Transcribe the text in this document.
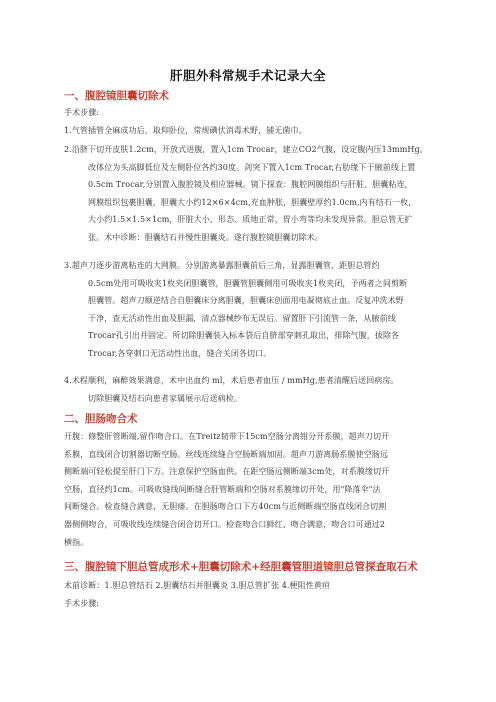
肝胆外科常规手术记录大全
一、腹腔镜胆囊切除术
手术步骤:
1.气管插管全麻成功后，取仰卧位，常规碘伏消毒术野，铺无菌巾。
2.沿脐下切开皮肤1.2cm，开放式进腹，置入1cm Trocar，建立CO2气腹，设定腹内压13mmHg。
改体位为头高脚低位及左侧卧位各约30度。剑突下置入1cm Trocar,右肋缘下于腋前线上置
0.5cm Trocar,分别置入腹腔镜及相应器械。镜下探查：腹腔网膜组织与肝脏、胆囊粘连，
网膜组织包裹胆囊，胆囊大小约12×6×4cm,充血肿胀，胆囊壁厚约1.0cm,内有结石一枚，
大小约1.5×1.5×1cm，肝脏大小、形态、质地正常，胃小弯等均未发现异常。胆总管无扩
张。术中诊断：胆囊结石并慢性胆囊炎。遂行腹腔镜胆囊切除术。
3.超声刀逐步游离粘连的大网膜。分别游离暴露胆囊前后三角，显露胆囊管，距胆总管约
0.5cm处用可吸收夹1枚夹闭胆囊管，胆囊管胆囊侧用可吸收夹1枚夹闭，予两者之间剪断
胆囊管。超声刀顺逆结合自胆囊床分离胆囊，胆囊床创面用电凝彻底止血。反复冲洗术野
干净，查无活动性出血及胆漏，清点器械纱布无误后。留置肝下引流管一条，从腋前线
Trocar孔引出并固定。所切除胆囊装入标本袋后自脐部穿刺孔取出，排除气腹，拔除各
Trocar,各穿刺口无活动性出血，缝合关闭各切口。
4.术程顺利，麻醉效果满意，术中出血约 ml，术后患者血压 / mmHg,患者清醒后送回病房。
切除胆囊及结石向患者家属展示后送病检。
二、胆肠吻合术
开腹：修整肝管断端,留作吻合口。在Treitz韧带下15cm空肠分离钳分开系膜，超声刀切开
系膜，直线闭合切割器切断空肠。丝线连续缝合空肠断端加固。超声刀游离肠系膜使空肠远
侧断端可轻松提至肝门下方。注意保护空肠血供。在距空肠远侧断端3cm处，对系膜缘切开
空肠，直径约1cm。可吸收缝线间断缝合肝管断端和空肠对系膜缘切开处，用"降落伞"法
间断缝合。检查缝合满意，无胆瘘。在胆肠吻合口下方40cm与近侧断端空肠直线闭合切割
器侧侧吻合，可吸收线连续缝合闭合切开口。检查吻合口鲜红、吻合满意，吻合口可通过2
横指。
三、腹腔镜下胆总管成形术+胆囊切除术+经胆囊管胆道镜胆总管探查取石术
术前诊断：1.胆总管结石 2.胆囊结石并胆囊炎 3.胆总管扩张 4.梗阻性黄疸
手术步骤:
